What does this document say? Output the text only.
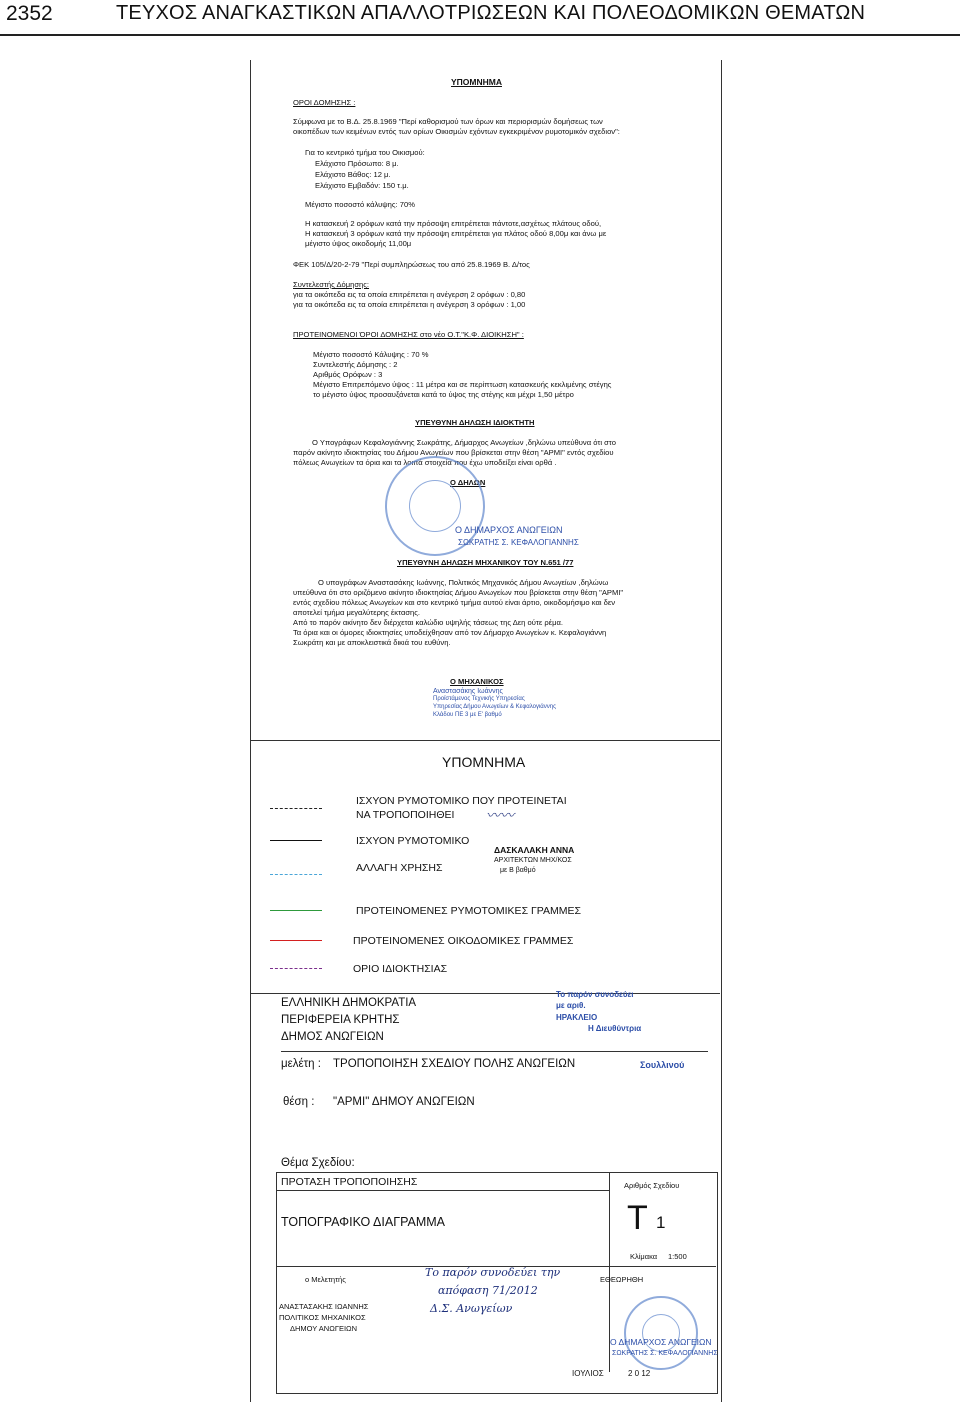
2352	ΤΕΥΧΟΣ ΑΝΑΓΚΑΣΤΙΚΩΝ ΑΠΑΛΛΟΤΡΙΩΣΕΩΝ ΚΑΙ ΠΟΛΕΟΔΟΜΙΚΩΝ ΘΕΜΑΤΩΝ
ΥΠΟΜΝΗΜΑ
ΟΡΟΙ ΔΟΜΗΣΗΣ :
Σύμφωνα με το Β.Δ. 25.8.1969 "Περί καθορισμού των όρων και περιορισμών δομήσεως των
οικοπέδων των κειμένων εντός των ορίων Οικισμών εχόντων εγκεκριμένον ρυμοτομικόν σχεδιον":
Για το κεντρικό τμήμα του Οικισμού:
Ελάχιστο Πρόσωπο: 8 μ.
Ελάχιστο Βάθος: 12 μ.
Ελάχιστο Εμβαδόν: 150 τ.μ.
Μέγιστο ποσοστό κάλυψης: 70%
Η κατασκευή 2 ορόφων κατά την πρόσοψη επιτρέπεται πάντοτε,ασχέτως πλάτους οδού,
Η κατασκευή 3 ορόφων κατά την πρόσοψη επιτρέπεται για πλάτος οδού 8,00μ και άνω με
μέγιστο ύψος οικοδομής 11,00μ
ΦΕΚ 105/Δ/20-2-79 "Περί συμπληρώσεως του από 25.8.1969 Β. Δ/τος
Συντελεστής Δόμησης:
για τα οικόπεδα εις τα οποία επιτρέπεται η ανέγερση 2 ορόφων : 0,80
για τα οικόπεδα εις τα οποία επιτρέπεται η ανέγερση 3 ορόφων : 1,00
ΠΡΟΤΕΙΝΟΜΕΝΟΙ ΌΡΟΙ ΔΟΜΗΣΗΣ στο νέο Ο.Τ."Κ.Φ. ΔΙΟΙΚΗΣΗ" :
Μέγιστο ποσοστό Κάλυψης : 70 %
Συντελεστής Δόμησης : 2
Αριθμός Ορόφων : 3
Μέγιστο Επιτρεπόμενο ύψος : 11 μέτρα και σε περίπτωση κατασκευής κεκλιμένης στέγης
το μέγιστο ύψος προσαυξάνεται κατά το ύψος της στέγης και μέχρι 1,50 μέτρο
ΥΠΕΥΘΥΝΗ ΔΗΛΩΣΗ ΙΔΙΟΚΤΗΤΗ
Ο Υπογράφων Κεφαλογιάννης Σωκράτης, Δήμαρχος Ανωγείων ,δηλώνω υπεύθυνα ότι στο
παρόν ακίνητο ιδιοκτησίας του Δήμου Ανωγείων που βρίσκεται στην θέση "ΑΡΜΙ" εντός σχεδίου
πόλεως Ανωγείων τα όρια και τα λοιπά στοιχεία που έχω υποδείξει είναι ορθά .
Ο ΔΗΛΩΝ
Ο ΔΗΜΑΡΧΟΣ ΑΝΩΓΕΙΩΝ
ΣΩΚΡΑΤΗΣ Σ. ΚΕΦΑΛΟΓΙΑΝΝΗΣ
ΥΠΕΥΘΥΝΗ ΔΗΛΩΣΗ ΜΗΧΑΝΙΚΟΥ ΤΟΥ Ν.651 /77
Ο υπογράφων Αναστασάκης Ιωάννης, Πολιτικός Μηχανικός Δήμου Ανωγείων ,δηλώνω
υπεύθυνα ότι στο οριζόμενο ακίνητο ιδιοκτησίας Δήμου Ανωγείων που βρίσκεται στην θέση "ΑΡΜΙ"
εντός σχεδίου πόλεως Ανωγείων και στο κεντρικό τμήμα αυτού είναι άρτιο, οικοδομήσιμο και δεν
αποτελεί τμήμα μεγαλύτερης έκτασης.
Από το παρόν ακίνητο δεν διέρχεται καλώδιο υψηλής τάσεως της Δεη ούτε ρέμα.
Τα όρια και οι όμορες ιδιοκτησίες υποδείχθησαν από τον Δήμαρχο Ανωγείων κ. Κεφαλογιάννη
Σωκράτη και με αποκλειστικά δικιά του ευθύνη.
Ο ΜΗΧΑΝΙΚΟΣ
Αναστασάκης Ιωάννης
Προϊστάμενος Τεχνικής Υπηρεσίας
Υπηρεσίας Δήμου Ανωγείων & Κεφαλογιάννης
Κλάδου ΠΕ 3 με Ε' βαθμό
ΥΠΟΜΝΗΜΑ
ΙΣΧΥΟΝ ΡΥΜΟΤΟΜΙΚΟ ΠΟΥ ΠΡΟΤΕΙΝΕΤΑΙ
ΝΑ ΤΡΟΠΟΠΟΙΗΘΕΙ
ΙΣΧΥΟΝ ΡΥΜΟΤΟΜΙΚΟ
ΑΛΛΑΓΗ ΧΡΗΣΗΣ
ΔΑΣΚΑΛΑΚΗ ΑΝΝΑ
ΑΡΧΙΤΕΚΤΩΝ ΜΗΧ/ΚΟΣ
με Β βαθμό
〰〰
ΠΡΟΤΕΙΝΟΜΕΝΕΣ ΡΥΜΟΤΟΜΙΚΕΣ ΓΡΑΜΜΕΣ
ΠΡΟΤΕΙΝΟΜΕΝΕΣ ΟΙΚΟΔΟΜΙΚΕΣ ΓΡΑΜΜΕΣ
ΟΡΙΟ ΙΔΙΟΚΤΗΣΙΑΣ
ΕΛΛΗΝΙΚΗ ΔΗΜΟΚΡΑΤΙΑ
ΠΕΡΙΦΕΡΕΙΑ ΚΡΗΤΗΣ
ΔΗΜΟΣ ΑΝΩΓΕΙΩΝ
Το παρόν συνοδεύει
με αριθ.
ΗΡΑΚΛΕΙΟ
Η Διευθύντρια
μελέτη : ΤΡΟΠΟΠΟΙΗΣΗ ΣΧΕΔΙΟΥ ΠΟΛΗΣ ΑΝΩΓΕΙΩΝ	Σουλλινού
θέση : "ΑΡΜΙ" ΔΗΜΟΥ ΑΝΩΓΕΙΩΝ
Θέμα Σχεδίου:
ΠΡΟΤΑΣΗ ΤΡΟΠΟΠΟΙΗΣΗΣ
ΤΟΠΟΓΡΑΦΙΚΟ ΔΙΑΓΡΑΜΜΑ
Αριθμός Σχεδίου
Τ 1
Κλίμακα 1:500
ο Μελετητής	ΕΘΕΩΡΗΘΗ
Το παρόν συνοδεύει την
απόφαση 71/2012
Δ.Σ. Ανωγείων
ΑΝΑΣΤΑΣΑΚΗΣ ΙΩΑΝΝΗΣ
ΠΟΛΙΤΙΚΟΣ ΜΗΧΑΝΙΚΟΣ
ΔΗΜΟΥ ΑΝΩΓΕΙΩΝ
Ο ΔΗΜΑΡΧΟΣ ΑΝΩΓΕΙΩΝ
ΣΩΚΡΑΤΗΣ Σ. ΚΕΦΑΛΟΓΙΑΝΝΗΣ
ΙΟΥΛΙΟΣ	2 0 12
